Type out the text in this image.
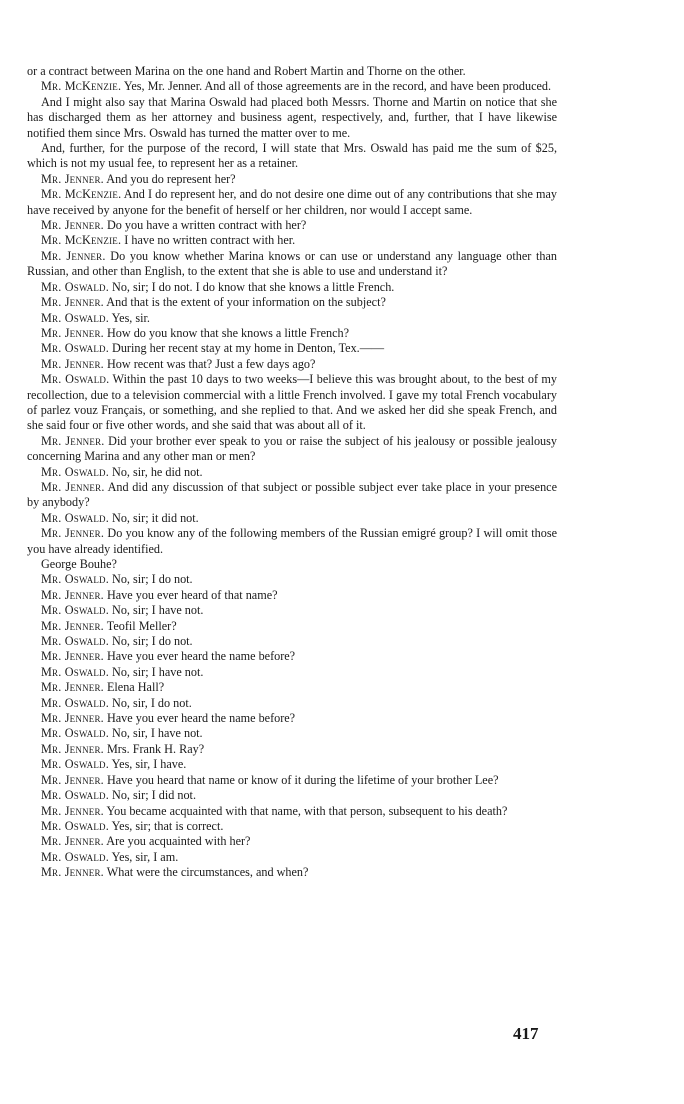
or a contract between Marina on the one hand and Robert Martin and Thorne on the other.

Mr. McKenzie. Yes, Mr. Jenner. And all of those agreements are in the record, and have been produced.

And I might also say that Marina Oswald had placed both Messrs. Thorne and Martin on notice that she has discharged them as her attorney and business agent, respectively, and, further, that I have likewise notified them since Mrs. Oswald has turned the matter over to me.

And, further, for the purpose of the record, I will state that Mrs. Oswald has paid me the sum of $25, which is not my usual fee, to represent her as a retainer.

Mr. Jenner. And you do represent her?

Mr. McKenzie. And I do represent her, and do not desire one dime out of any contributions that she may have received by anyone for the benefit of herself or her children, nor would I accept same.

Mr. Jenner. Do you have a written contract with her?

Mr. McKenzie. I have no written contract with her.

Mr. Jenner. Do you know whether Marina knows or can use or understand any language other than Russian, and other than English, to the extent that she is able to use and understand it?

Mr. Oswald. No, sir; I do not. I do know that she knows a little French.

Mr. Jenner. And that is the extent of your information on the subject?

Mr. Oswald. Yes, sir.

Mr. Jenner. How do you know that she knows a little French?

Mr. Oswald. During her recent stay at my home in Denton, Tex.——

Mr. Jenner. How recent was that? Just a few days ago?

Mr. Oswald. Within the past 10 days to two weeks—I believe this was brought about, to the best of my recollection, due to a television commercial with a little French involved. I gave my total French vocabulary of parlez vouz Français, or something, and she replied to that. And we asked her did she speak French, and she said four or five other words, and she said that was about all of it.

Mr. Jenner. Did your brother ever speak to you or raise the subject of his jealousy or possible jealousy concerning Marina and any other man or men?

Mr. Oswald. No, sir, he did not.

Mr. Jenner. And did any discussion of that subject or possible subject ever take place in your presence by anybody?

Mr. Oswald. No, sir; it did not.

Mr. Jenner. Do you know any of the following members of the Russian emigré group? I will omit those you have already identified.

George Bouhe?

Mr. Oswald. No, sir; I do not.

Mr. Jenner. Have you ever heard of that name?

Mr. Oswald. No, sir; I have not.

Mr. Jenner. Teofil Meller?

Mr. Oswald. No, sir; I do not.

Mr. Jenner. Have you ever heard the name before?

Mr. Oswald. No, sir; I have not.

Mr. Jenner. Elena Hall?

Mr. Oswald. No, sir, I do not.

Mr. Jenner. Have you ever heard the name before?

Mr. Oswald. No, sir, I have not.

Mr. Jenner. Mrs. Frank H. Ray?

Mr. Oswald. Yes, sir, I have.

Mr. Jenner. Have you heard that name or know of it during the lifetime of your brother Lee?

Mr. Oswald. No, sir; I did not.

Mr. Jenner. You became acquainted with that name, with that person, subsequent to his death?

Mr. Oswald. Yes, sir; that is correct.

Mr. Jenner. Are you acquainted with her?

Mr. Oswald. Yes, sir, I am.

Mr. Jenner. What were the circumstances, and when?

417
